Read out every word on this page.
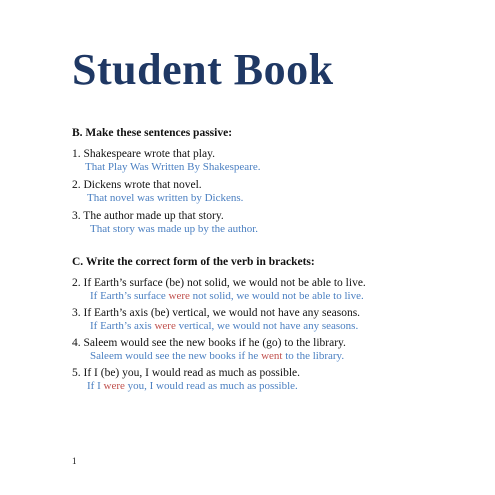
Student Book
B. Make these sentences passive:
1. Shakespeare wrote that play.
That Play Was Written By Shakespeare.
2. Dickens wrote that novel.
That novel was written by Dickens.
3. The author made up that story.
That story was made up by the author.
C. Write the correct form of the verb in brackets:
2. If Earth’s surface (be) not solid, we would not be able to live.
If Earth’s surface were not solid, we would not be able to live.
3. If Earth’s axis (be) vertical, we would not have any seasons.
If Earth’s axis were vertical, we would not have any seasons.
4. Saleem would see the new books if he (go) to the library.
Saleem would see the new books if he went to the library.
5. If I (be) you, I would read as much as possible.
If I were you, I would read as much as possible.
1
